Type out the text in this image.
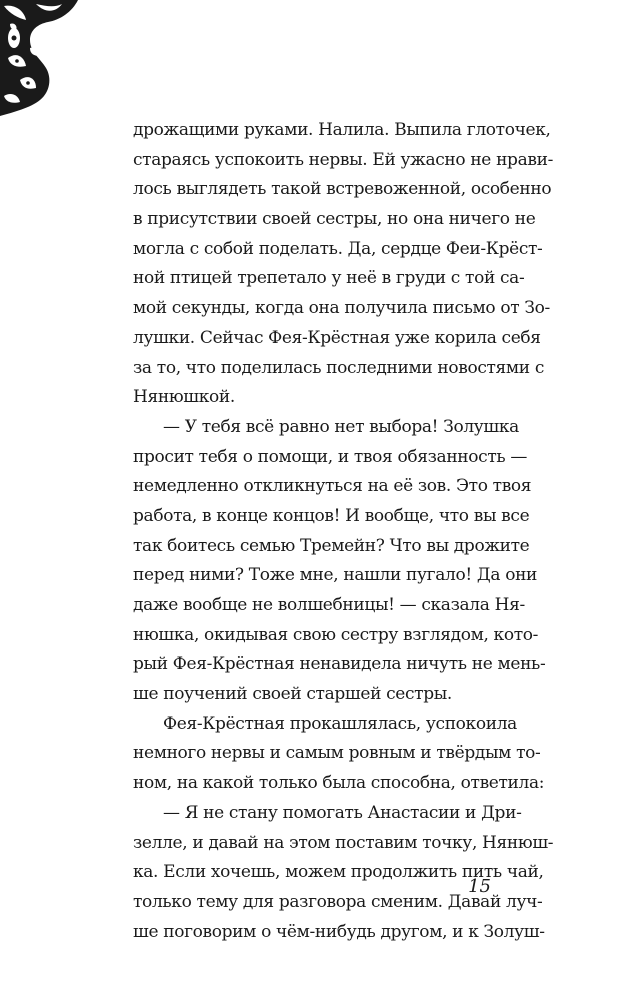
дрожащими руками. Налила. Выпила глоточек,
стараясь успокоить нервы. Ей ужасно не нрави-
лось выглядеть такой встревоженной, особенно
в присутствии своей сестры, но она ничего не
могла с собой поделать. Да, сердце Феи-Крёст-
ной птицей трепетало у неё в груди с той са-
мой секунды, когда она получила письмо от Зо-
лушки. Сейчас Фея-Крёстная уже корила себя
за то, что поделилась последними новостями с
Нянюшкой.
— У тебя всё равно нет выбора! Золушка
просит тебя о помощи, и твоя обязанность —
немедленно откликнуться на её зов. Это твоя
работа, в конце концов! И вообще, что вы все
так боитесь семью Тремейн? Что вы дрожите
перед ними? Тоже мне, нашли пугало! Да они
даже вообще не волшебницы! — сказала Ня-
нюшка, окидывая свою сестру взглядом, кото-
рый Фея-Крёстная ненавидела ничуть не мень-
ше поучений своей старшей сестры.
Фея-Крёстная прокашлялась, успокоила
немного нервы и самым ровным и твёрдым то-
ном, на какой только была способна, ответила:
— Я не стану помогать Анастасии и Дри-
зелле, и давай на этом поставим точку, Нянюш-
ка. Если хочешь, можем продолжить пить чай,
только тему для разговора сменим. Давай луч-
ше поговорим о чём-нибудь другом, и к Золуш-
15
